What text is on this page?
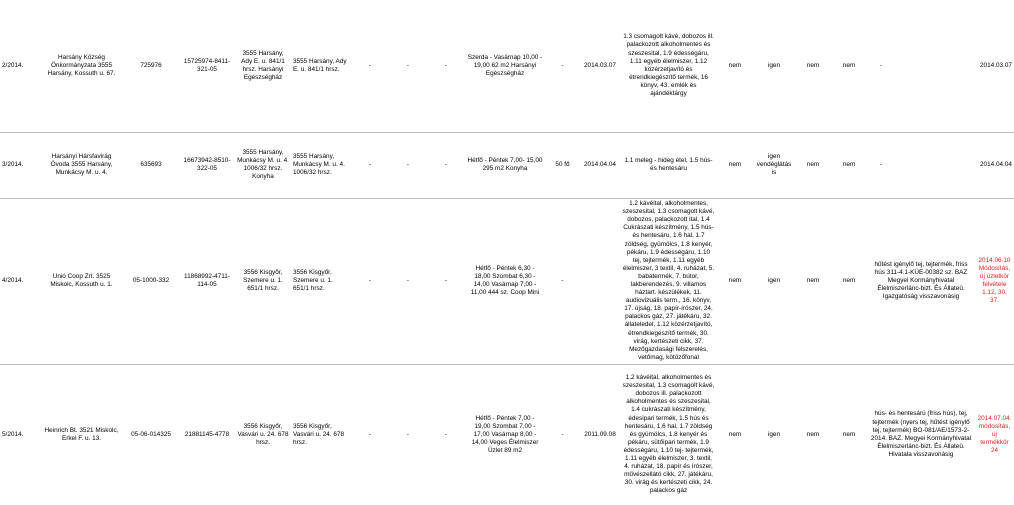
2/2014.	Harsány Község Önkormányzata 3555 Harsány, Kossuth u. 67.	725976	15725974-8411-321-05	3555 Harsány, Ady E. u. 841/1 hrsz. Harsányi Egészségház	3555 Harsány, Ady E. u. 841/1 hrsz.	-	-	-	Szerda - Vasárnap 10,00 - 19,00 62 m2 Harsányi Egészségház	-	2014.03.07	1.3 csomagolt kávé, dobozos ill. palackozott alkoholmentes és szeszesital, 1.9 édességáru, 1.11 egyéb élelmiszer, 1.12 közérzetjavító és étrendkiegészítő termék, 16 könyv, 43. emlék és ajándéktárgy	nem	igen	nem	nem	-	2014.03.07	
3/2014.	Harsányi Hársfavirág Óvoda 3555 Harsány, Munkácsy M. u. 4.	635693	16673942-8510-322-05	3555 Harsány, Munkácsy M. u. 4. 1006/32 hrsz. Konyha	3555 Harsány, Munkácsy M. u. 4. 1006/32 hrsz.	-	-	-	Hétfő - Péntek 7,00- 15,00 295 m2 Konyha	50 fő	2014.04.04	1.1 meleg - hideg étel, 1.5 hús- és hentesáru	nem	igen vendéglátás is	nem	nem	-	2014.04.04	
4/2014.	Unió Coop Zrt. 3525 Miskolc, Kossuth u. 1.	05-1000-332	11868992-4711-114-05	3556 Kisgyőr, Szemere u. 1. 651/1 hrsz.	3556 Kisgyőr, Szemere u. 1. 651/1 hrsz.	-	-	-	Hétfő - Péntek 6,30 - 18,00 Szombat 6,30 - 14,00 Vasárnap 7,00 - 11,00 444 sz. Coop Mini	-		1.2 kávéital, alkoholmentes, szeszesital, 1.3 csomagolt kávé, dobozos, palackozott ital, 1.4 Cukrászati készítmény, 1.5 hús- és hentesáru, 1.6 hal, 1.7 zöldség, gyümölcs, 1.8 kenyér, pékáru, 1.9 édességáru, 1.10 tej, tejtermék, 1.11 egyéb élelmiszer, 3 textil, 4. ruházat, 5. babatermék, 7. bútor, lakberendezés, 9. villamos háztart. készülékek, 11. audiovizuális term., 16. könyv, 17. újság, 18. papír-írószer, 24. palackos gáz, 27. játékáru, 32. állateledel, 1.12 közérzetjavító, étrendkiegészítő termék, 30. virág, kertészeti cikk, 37. Mezőgazdasági felszerelés, vetőmag, kötözőfonal	nem	igen	nem	nem	hűtést igénylő tej, tejtermék, friss hús 311-4.1-KÜE-00382 sz. BAZ Megyei Kormányhivatal Élelmiszerlánc-bizt. És Állateü. Igazgatóság visszavonásig		2014.06.10 Módosítás, új üzletkör felvétele 1.12, 30, 37.
5/2014.	Heinrich Bt. 3521 Miskolc, Erkel F. u. 13.	05-06-014325	21881145-4778	3556 Kisgyőr, Vasvári u. 24. 678 hrsz.	3556 Kisgyőr, Vasvári u. 24. 678 hrsz.	-	-	-	Hétfő - Péntek 7,00 - 19,00 Szombat 7,00 - 17,00 Vasárnap 8,00 - 14,00 Veges Élelmiszer Üzlet 89 m2	-	2011.09.08	1.2 kávéital, alkoholmentes és szeszesital, 1.3 csomagolt kávé, dobozos ill. palackozott alkoholmentes és szeszesital, 1.4 cukrászati készítmény, édesipari termék, 1.5 hús és hentesáru, 1.6 hal, 1.7 zöldség és gyümölcs, 1.8 kenyér és pékáru, sütőipari termék, 1.9 édességáru, 1.10 tej- tejtermék, 1.11 egyéb élelmiszer, 3. textil, 4. ruházat, 18. papír és írószer, művészellátó cikk, 27. játékáru, 30. virág és kertészeti cikk, 24. palackos gáz	nem	igen	nem	nem	hús- és hentesárú (friss hús), tej, tejtermék (nyers tej, hűtést igénylő tej, tejtermék) BO-081/AE/1573-2-2014. BAZ. Megyei Kormányhivatal Élelmiszerlánc-bizt. És Állateü. Hivatala visszavonásig		2014.07.04. módosítás, új termékkör 24
